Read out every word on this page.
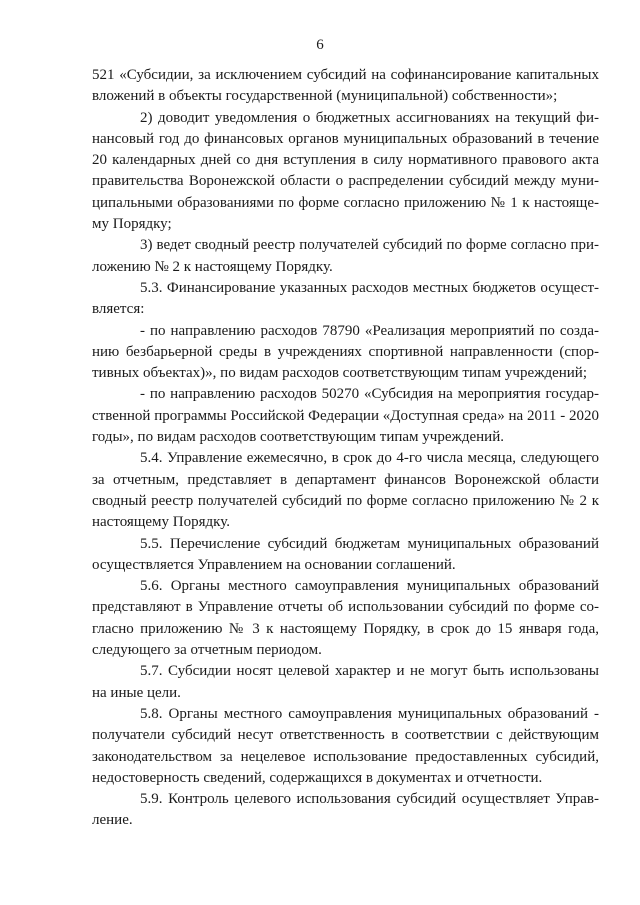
6

521 «Субсидии, за исключением субсидий на софинансирование капитальных вложений в объекты государственной (муниципальной) собственности»;

2) доводит уведомления о бюджетных ассигнованиях на текущий финансовый год до финансовых органов муниципальных образований в течение 20 календарных дней со дня вступления в силу нормативного правового акта правительства Воронежской области о распределении субсидий между муниципальными образованиями по форме согласно приложению № 1 к настоящему Порядку;

3) ведет сводный реестр получателей субсидий по форме согласно приложению № 2 к настоящему Порядку.

5.3. Финансирование указанных расходов местных бюджетов осуществляется:

- по направлению расходов 78790 «Реализация мероприятий по созданию безбарьерной среды в учреждениях спортивной направленности (спортивных объектах)», по видам расходов соответствующим типам учреждений;

- по направлению расходов 50270 «Субсидия на мероприятия государственной программы Российской Федерации «Доступная среда» на 2011 - 2020 годы», по видам расходов соответствующим типам учреждений.

5.4. Управление ежемесячно, в срок до 4-го числа месяца, следующего за отчетным, представляет в департамент финансов Воронежской области сводный реестр получателей субсидий по форме согласно приложению № 2 к настоящему Порядку.

5.5. Перечисление субсидий бюджетам муниципальных образований осуществляется Управлением на основании соглашений.

5.6. Органы местного самоуправления муниципальных образований представляют в Управление отчеты об использовании субсидий по форме согласно приложению № 3 к настоящему Порядку, в срок до 15 января года, следующего за отчетным периодом.

5.7. Субсидии носят целевой характер и не могут быть использованы на иные цели.

5.8. Органы местного самоуправления муниципальных образований - получатели субсидий несут ответственность в соответствии с действующим законодательством за нецелевое использование предоставленных субсидий, недостоверность сведений, содержащихся в документах и отчетности.

5.9. Контроль целевого использования субсидий осуществляет Управление.
